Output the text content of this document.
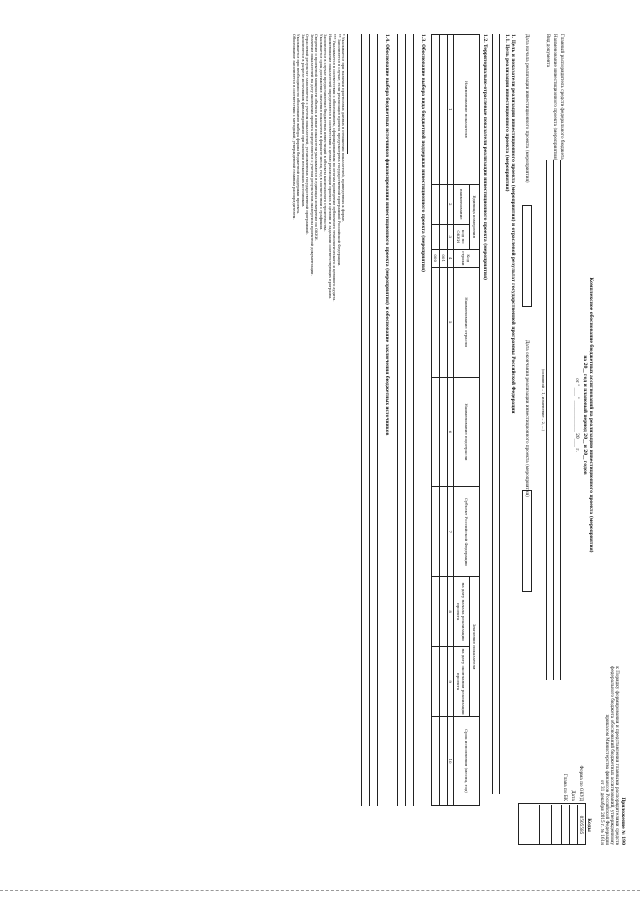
Приложение № 190
к Порядку формирования и представления главными распорядителями средств
федерального бюджета обоснований бюджетных ассигнований, утвержденному
приказом Министерства финансов Российской Федерации
от 31 декабря 2015 г. № 161н
Комплексное обоснование бюджетных ассигнований на реализацию инвестиционного проекта (мероприятия)
на 20__ год и плановый период 20__ и 20__ годов
от " ____ " _______________ 20____ г.
Коды
0505585
Форма по ОКУД
Дата
Глава по БК
Главный распорядитель средств федерального бюджета
Наименование инвестиционного проекта (мероприятия)
Вид документа
(основной – 1, изменение – 2, ...)
Дата начала реализации инвестиционного проекта (мероприятия)
Дата окончания реализации инвестиционного проекта (мероприятия)
1. Цель и показатели реализации инвестиционного проекта (мероприятия) и отраслевой результат государственной программы Российской Федерации
1.1. Цель реализации инвестиционного проекта (мероприятия)
1.2. Территориально-отраслевые показатели реализации инвестиционного проекта (мероприятия)
Наименование показателя	Единица измерения		Код строки	Наименование отрасли	Наименование подотрасли	Субъект Российской Федерации	Значение показателя		Срок исполнения (месяц, год)
	наименование	код по ОКЕИ					на дату начала реализации проекта	на дату окончания реализации проекта	
1	2	3	4	5	6	7	8	9	10
			001						
			000						
1.3. Обоснование выбора вида бюджетной поддержки инвестиционного проекта (мероприятия)
1.4. Обоснование выбора бюджетных источников финансирования инвестиционного проекта (мероприятия) и обоснование заключения бюджетных источников
* Указывается при наличии прогнозных данных в отношении показателей, приведенных к форме.
** Заполняется в случае, если реализация проекта предусмотрена государственной программой Российской Федерации.
*** Указывается в соответствии с обоснованием, сформированным по итогам проведения публичного технологического и ценового аудита.
Наименования показателей определяются в соответствии с целью реализации проекта и целями и задачами соответствующих программ.
Заполняется в случае предоставления бюджетных инвестиций в объекты капитального строительства.
Указывается срок достижения значения показателя в формате месяц, год в соответствии с графиком.
Сведения о проектной мощности объекта и иные показатели указываются в единицах измерения по ОКЕИ.
Значения показателей на дату окончания проекта определяются с учетом результатов экспертизы проектной документации.
Отраслевой результат заполняется с учетом показателей, установленных государственной программой.
Заполняется в разрезе источников финансирования при наличии нескольких источников.
Указывается при необходимости обоснования выбора формы бюджетной поддержки проекта.
Обоснование заполняется в соответствии с методикой, утвержденной главным распорядителем.
